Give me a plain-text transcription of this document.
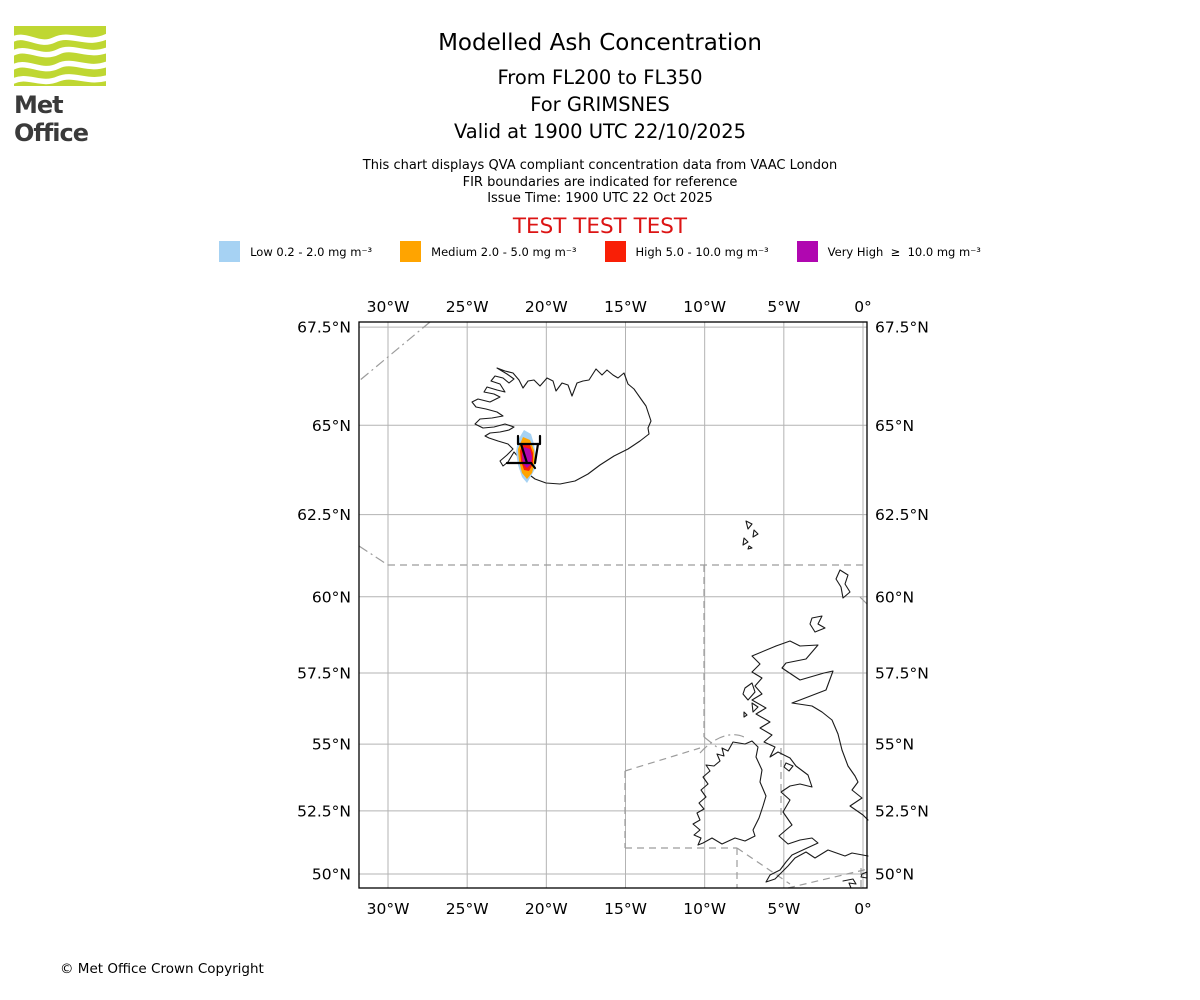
Met Office
Modelled Ash Concentration
From FL200 to FL350
For GRIMSNES
Valid at 1900 UTC 22/10/2025
This chart displays QVA compliant concentration data from VAAC London
FIR boundaries are indicated for reference
Issue Time: 1900 UTC 22 Oct 2025
TEST TEST TEST
Low 0.2 - 2.0 mg m⁻³	Medium 2.0 - 5.0 mg m⁻³	High 5.0 - 10.0 mg m⁻³	Very High  ≥  10.0 mg m⁻³
30°W
30°W
25°W
25°W
20°W
20°W
15°W
15°W
10°W
10°W
5°W
5°W
0°
0°
67.5°N	67.5°N
65°N	65°N
62.5°N	62.5°N
60°N	60°N
57.5°N	57.5°N
55°N	55°N
52.5°N	52.5°N
50°N	50°N
© Met Office Crown Copyright
